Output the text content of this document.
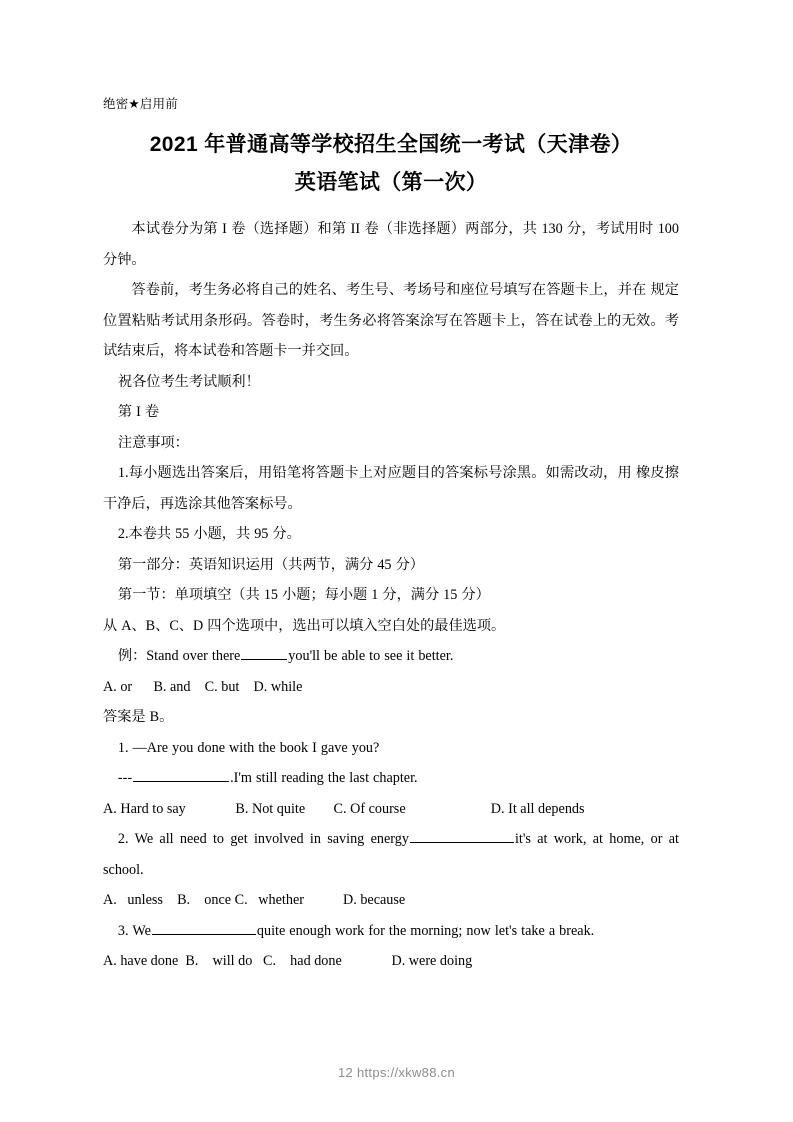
绝密★启用前

2021 年普通高等学校招生全国统一考试（天津卷）
英语笔试（第一次）

本试卷分为第 I 卷（选择题）和第 II 卷（非选择题）两部分，共 130 分，考试用时 100 分钟。

答卷前，考生务必将自己的姓名、考生号、考场号和座位号填写在答题卡上，并在 规定位置粘贴考试用条形码。答卷时，考生务必将答案涂写在答题卡上，答在试卷上的无效。考试结束后，将本试卷和答题卡一并交回。

祝各位考生考试顺利！

第 I 卷

注意事项：

1.每小题选出答案后，用铅笔将答题卡上对应题目的答案标号涂黑。如需改动，用 橡皮擦干净后，再选涂其他答案标号。

2.本卷共 55 小题，共 95 分。

第一部分：英语知识运用（共两节，满分 45 分）

第一节：单项填空（共 15 小题；每小题 1 分，满分 15 分）

从 A、B、C、D 四个选项中，选出可以填入空白处的最佳选项。

例：Stand over there	you'll be able to see it better.

A. or      B. and    C. but    D. while

答案是 B。

1. —Are you done with the book I gave you?

---	.I'm still reading the last chapter.

A. Hard to say              B. Not quite        C. Of course                        D. It all depends

2. We all need to get involved in saving energy	it's at work, at home, or at school.

A.   unless    B.    once C.   whether           D. because

3. We	quite enough work for the morning; now let's take a break.

A. have done  B.    will do   C.    had done              D. were doing

12 https://xkw88.cn
